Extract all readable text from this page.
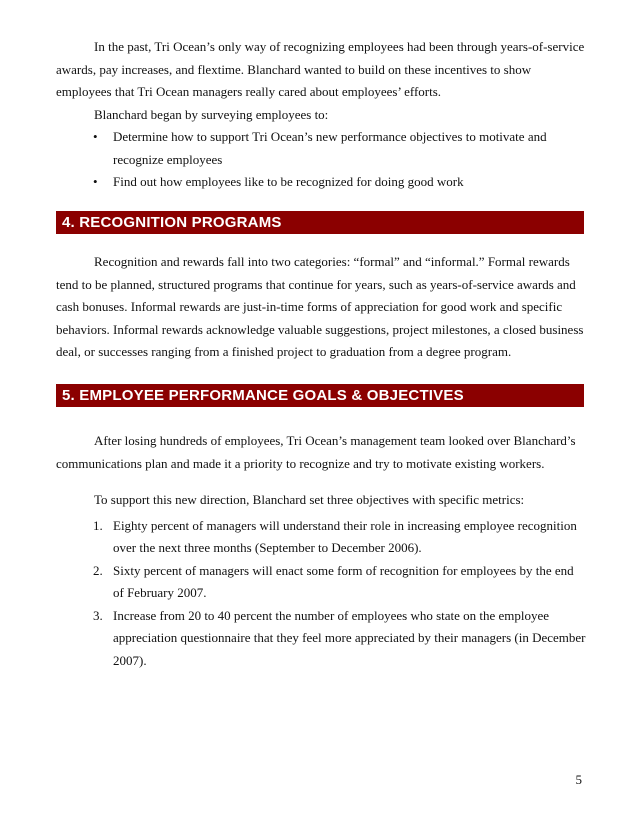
In the past, Tri Ocean’s only way of recognizing employees had been through years-of-service awards, pay increases, and flextime. Blanchard wanted to build on these incentives to show employees that Tri Ocean managers really cared about employees’ efforts.

Blanchard began by surveying employees to:

• Determine how to support Tri Ocean’s new performance objectives to motivate and recognize employees
• Find out how employees like to be recognized for doing good work
4. RECOGNITION PROGRAMS

Recognition and rewards fall into two categories: “formal” and “informal.” Formal rewards tend to be planned, structured programs that continue for years, such as years-of-service awards and cash bonuses. Informal rewards are just-in-time forms of appreciation for good work and specific behaviors. Informal rewards acknowledge valuable suggestions, project milestones, a closed business deal, or successes ranging from a finished project to graduation from a degree program.

5. EMPLOYEE PERFORMANCE GOALS & OBJECTIVES

After losing hundreds of employees, Tri Ocean’s management team looked over Blanchard’s communications plan and made it a priority to recognize and try to motivate existing workers.

To support this new direction, Blanchard set three objectives with specific metrics:

1. Eighty percent of managers will understand their role in increasing employee recognition over the next three months (September to December 2006).
2. Sixty percent of managers will enact some form of recognition for employees by the end of February 2007.
3. Increase from 20 to 40 percent the number of employees who state on the employee appreciation questionnaire that they feel more appreciated by their managers (in December 2007).
5
